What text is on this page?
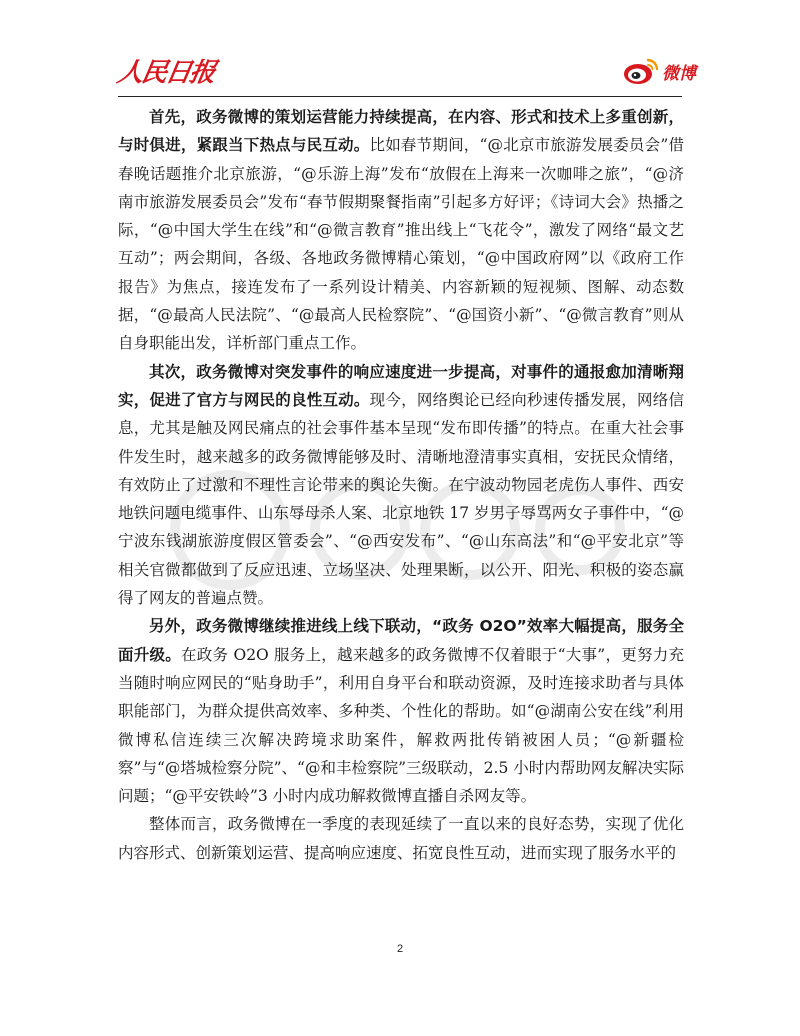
人民日报	微博

首先，政务微博的策划运营能力持续提高，在内容、形式和技术上多重创新，与时俱进，紧跟当下热点与民互动。比如春节期间，“@北京市旅游发展委员会”借春晚话题推介北京旅游，“@乐游上海”发布“放假在上海来一次咖啡之旅”，“@济南市旅游发展委员会”发布“春节假期聚餐指南”引起多方好评；《诗词大会》热播之际，“@中国大学生在线”和“@微言教育”推出线上“飞花令”，激发了网络“最文艺互动”；两会期间，各级、各地政务微博精心策划，“@中国政府网”以《政府工作报告》为焦点，接连发布了一系列设计精美、内容新颖的短视频、图解、动态数据，“@最高人民法院”、“@最高人民检察院”、“@国资小新”、“@微言教育”则从自身职能出发，详析部门重点工作。

其次，政务微博对突发事件的响应速度进一步提高，对事件的通报愈加清晰翔实，促进了官方与网民的良性互动。现今，网络舆论已经向秒速传播发展，网络信息，尤其是触及网民痛点的社会事件基本呈现“发布即传播”的特点。在重大社会事件发生时，越来越多的政务微博能够及时、清晰地澄清事实真相，安抚民众情绪，有效防止了过激和不理性言论带来的舆论失衡。在宁波动物园老虎伤人事件、西安地铁问题电缆事件、山东辱母杀人案、北京地铁 17 岁男子辱骂两女子事件中，“@宁波东钱湖旅游度假区管委会”、“@西安发布”、“@山东高法”和“@平安北京”等相关官微都做到了反应迅速、立场坚决、处理果断，以公开、阳光、积极的姿态赢得了网友的普遍点赞。

另外，政务微博继续推进线上线下联动，“政务 O2O”效率大幅提高，服务全面升级。在政务 O2O 服务上，越来越多的政务微博不仅着眼于“大事”，更努力充当随时响应网民的“贴身助手”，利用自身平台和联动资源，及时连接求助者与具体职能部门，为群众提供高效率、多种类、个性化的帮助。如“@湖南公安在线”利用微博私信连续三次解决跨境求助案件，解救两批传销被困人员；“@新疆检察”与“@塔城检察分院”、“@和丰检察院”三级联动，2.5 小时内帮助网友解决实际问题；“@平安铁岭”3 小时内成功解救微博直播自杀网友等。

整体而言，政务微博在一季度的表现延续了一直以来的良好态势，实现了优化内容形式、创新策划运营、提高响应速度、拓宽良性互动，进而实现了服务水平的

2
